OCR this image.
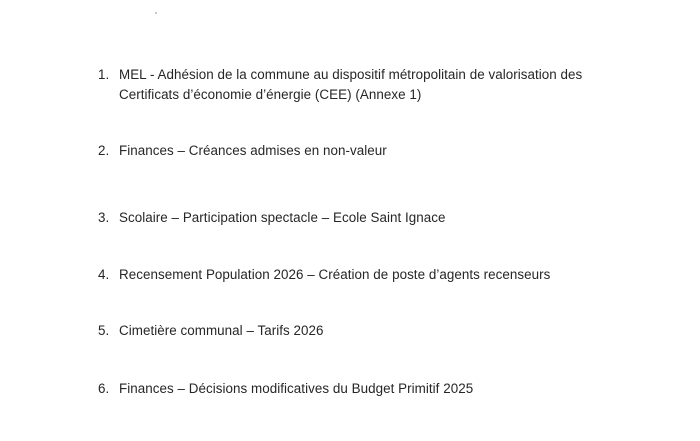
1. MEL - Adhésion de la commune au dispositif métropolitain de valorisation des Certificats d’économie d’énergie (CEE) (Annexe 1)
2. Finances – Créances admises en non-valeur
3. Scolaire – Participation spectacle – Ecole Saint Ignace
4. Recensement Population 2026 – Création de poste d’agents recenseurs
5. Cimetière communal – Tarifs 2026
6. Finances – Décisions modificatives du Budget Primitif 2025
